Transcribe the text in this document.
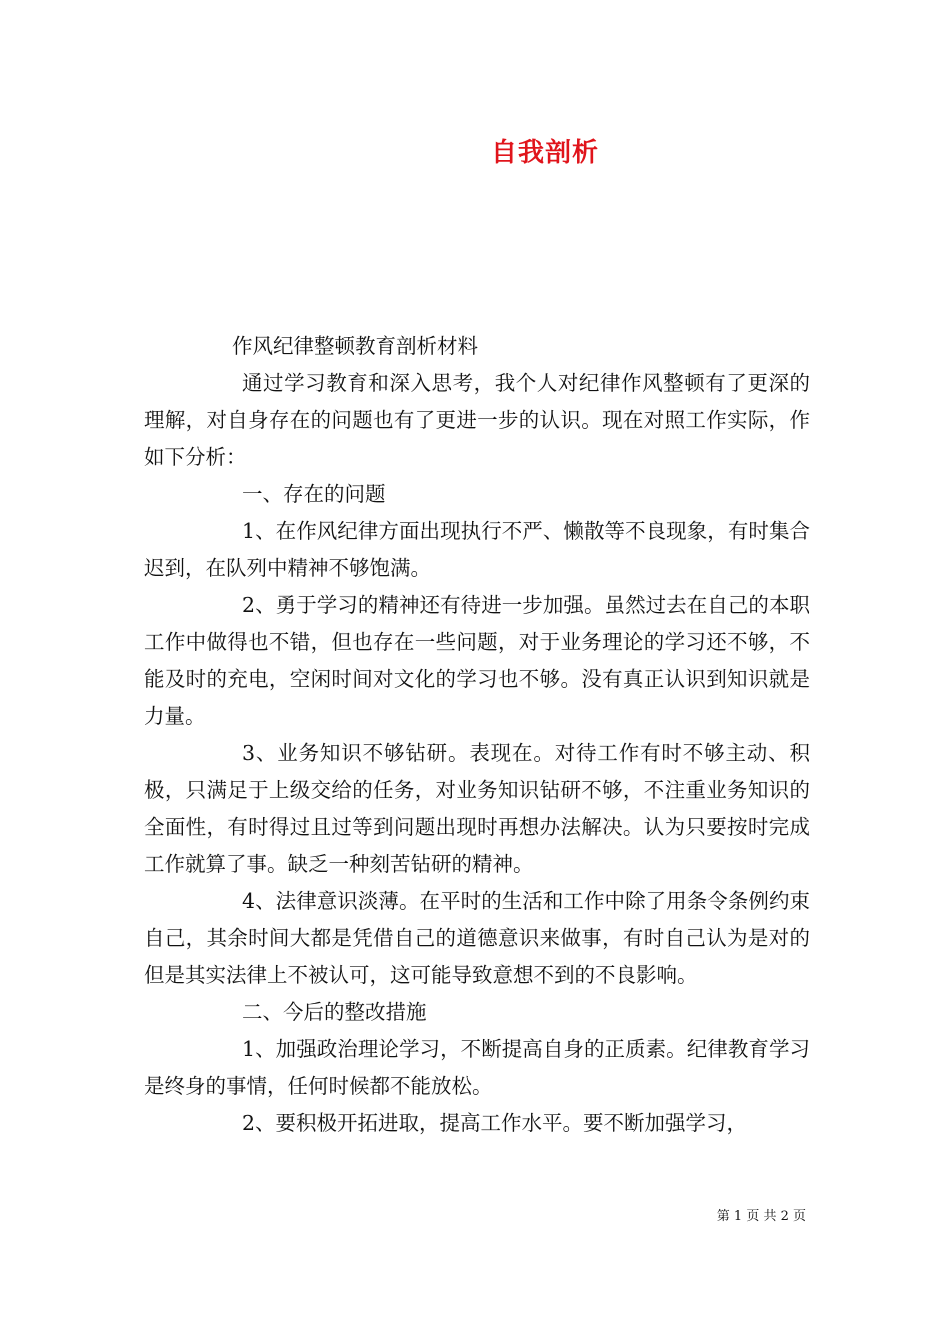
自我剖析

作风纪律整顿教育剖析材料

通过学习教育和深入思考，我个人对纪律作风整顿有了更深的理解，对自身存在的问题也有了更进一步的认识。现在对照工作实际，作如下分析：

一、存在的问题

1、在作风纪律方面出现执行不严、懒散等不良现象，有时集合迟到，在队列中精神不够饱满。

2、勇于学习的精神还有待进一步加强。虽然过去在自己的本职工作中做得也不错，但也存在一些问题，对于业务理论的学习还不够，不能及时的充电，空闲时间对文化的学习也不够。没有真正认识到知识就是力量。

3、业务知识不够钻研。表现在。对待工作有时不够主动、积极，只满足于上级交给的任务，对业务知识钻研不够，不注重业务知识的全面性，有时得过且过等到问题出现时再想办法解决。认为只要按时完成工作就算了事。缺乏一种刻苦钻研的精神。

4、法律意识淡薄。在平时的生活和工作中除了用条令条例约束自己，其余时间大都是凭借自己的道德意识来做事，有时自己认为是对的但是其实法律上不被认可，这可能导致意想不到的不良影响。

二、今后的整改措施

1、加强政治理论学习，不断提高自身的正质素。纪律教育学习是终身的事情，任何时候都不能放松。

2、要积极开拓进取，提高工作水平。要不断加强学习，

第 1 页 共 2 页
